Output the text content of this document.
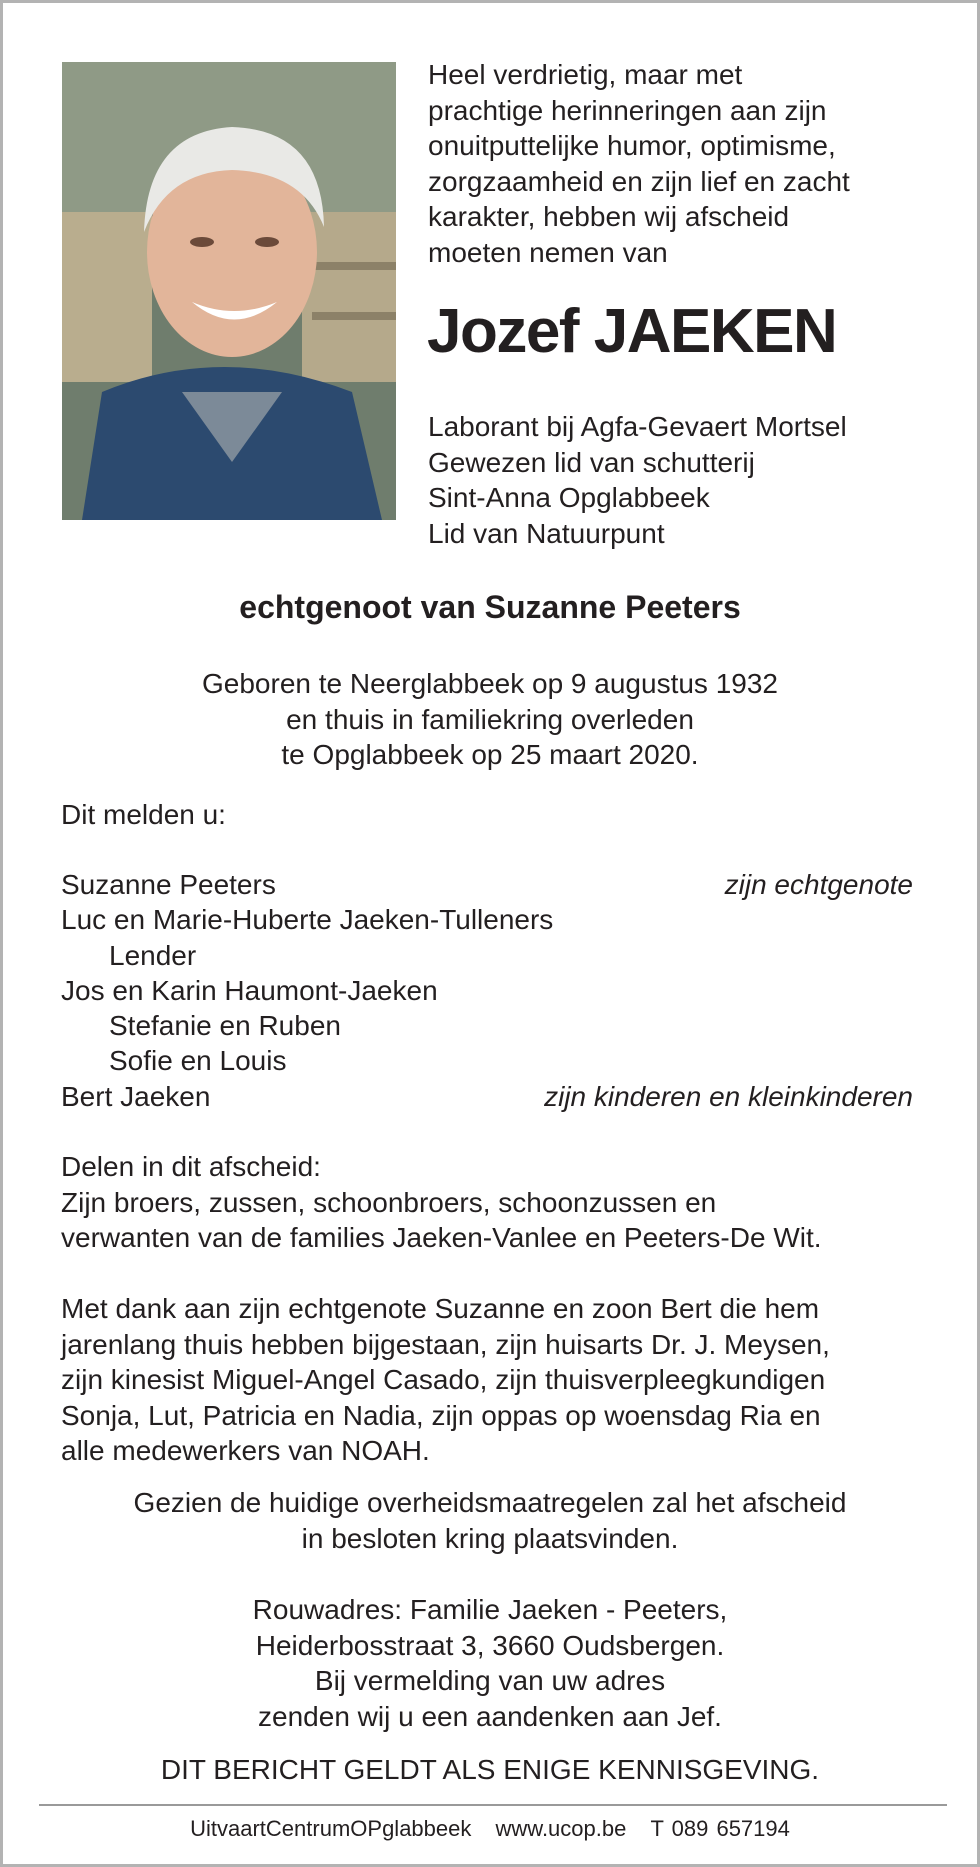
Heel verdrietig, maar met

prachtige herinneringen aan zijn

onuitputtelijke humor, optimisme,

zorgzaamheid en zijn lief en zacht

karakter, hebben wij afscheid

moeten nemen van

Jozef JAEKEN
Laborant bij Agfa-Gevaert Mortsel
Gewezen lid van schutterij
Sint-Anna Opglabbeek
Lid van Natuurpunt
echtgenoot van Suzanne Peeters
Geboren te Neerglabbeek op 9 augustus 1932
en thuis in familiekring overleden
te Opglabbeek op 25 maart 2020.
Dit melden u:
Suzanne Peeters	zijn echtgenote
Luc en Marie-Huberte Jaeken-Tulleners
Lender
Jos en Karin Haumont-Jaeken
Stefanie en Ruben
Sofie en Louis
Bert Jaeken	zijn kinderen en kleinkinderen
Delen in dit afscheid:
Zijn broers, zussen, schoonbroers, schoonzussen en
verwanten van de families Jaeken-Vanlee en Peeters-De Wit.
Met dank aan zijn echtgenote Suzanne en zoon Bert die hem
jarenlang thuis hebben bijgestaan, zijn huisarts Dr. J. Meysen,
zijn kinesist Miguel-Angel Casado, zijn thuisverpleegkundigen
Sonja, Lut, Patricia en Nadia, zijn oppas op woensdag Ria en
alle medewerkers van NOAH.
Gezien de huidige overheidsmaatregelen zal het afscheid
in besloten kring plaatsvinden.
Rouwadres: Familie Jaeken - Peeters,
Heiderbosstraat 3, 3660 Oudsbergen.
Bij vermelding van uw adres
zenden wij u een aandenken aan Jef.
DIT BERICHT GELDT ALS ENIGE KENNISGEVING.
UitvaartCentrumOPglabbeek www.ucop.be T 089 657194
